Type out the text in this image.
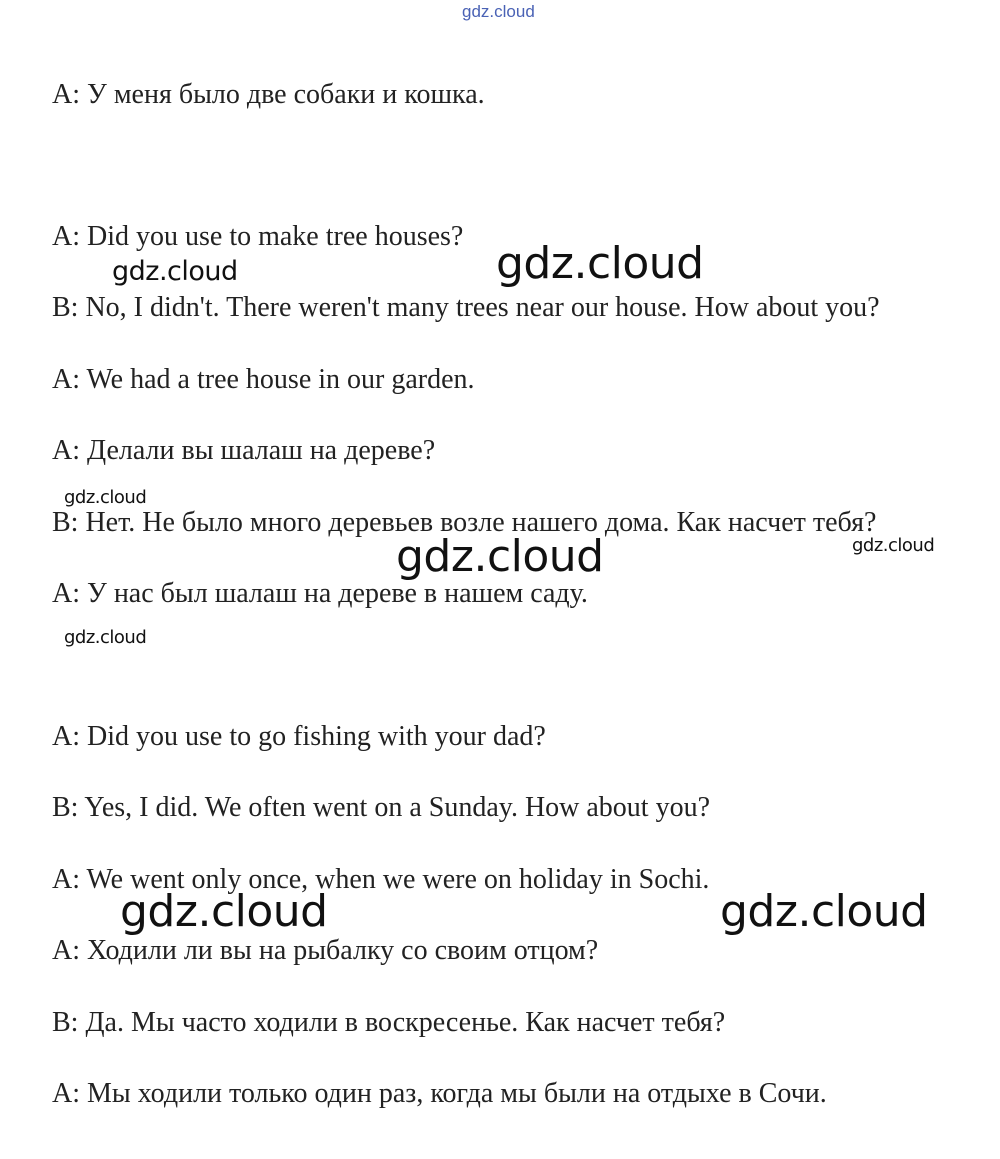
gdz.cloud
А: У меня было две собаки и кошка.
A: Did you use to make tree houses?
B: No, I didn't. There weren't many trees near our house. How about you?
A: We had a tree house in our garden.
А: Делали вы шалаш на дереве?
В: Нет. Не было много деревьев возле нашего дома. Как насчет тебя?
А: У нас был шалаш на дереве в нашем саду.
A: Did you use to go fishing with your dad?
B: Yes, I did. We often went on a Sunday. How about you?
A: We went only once, when we were on holiday in Sochi.
А: Ходили ли вы на рыбалку со своим отцом?
В: Да. Мы часто ходили в воскресенье. Как насчет тебя?
А: Мы ходили только один раз, когда мы были на отдыхе в Сочи.
gdz.cloud	gdz.cloud
gdz.cloud
gdz.cloud	gdz.cloud
gdz.cloud
gdz.cloud	gdz.cloud
